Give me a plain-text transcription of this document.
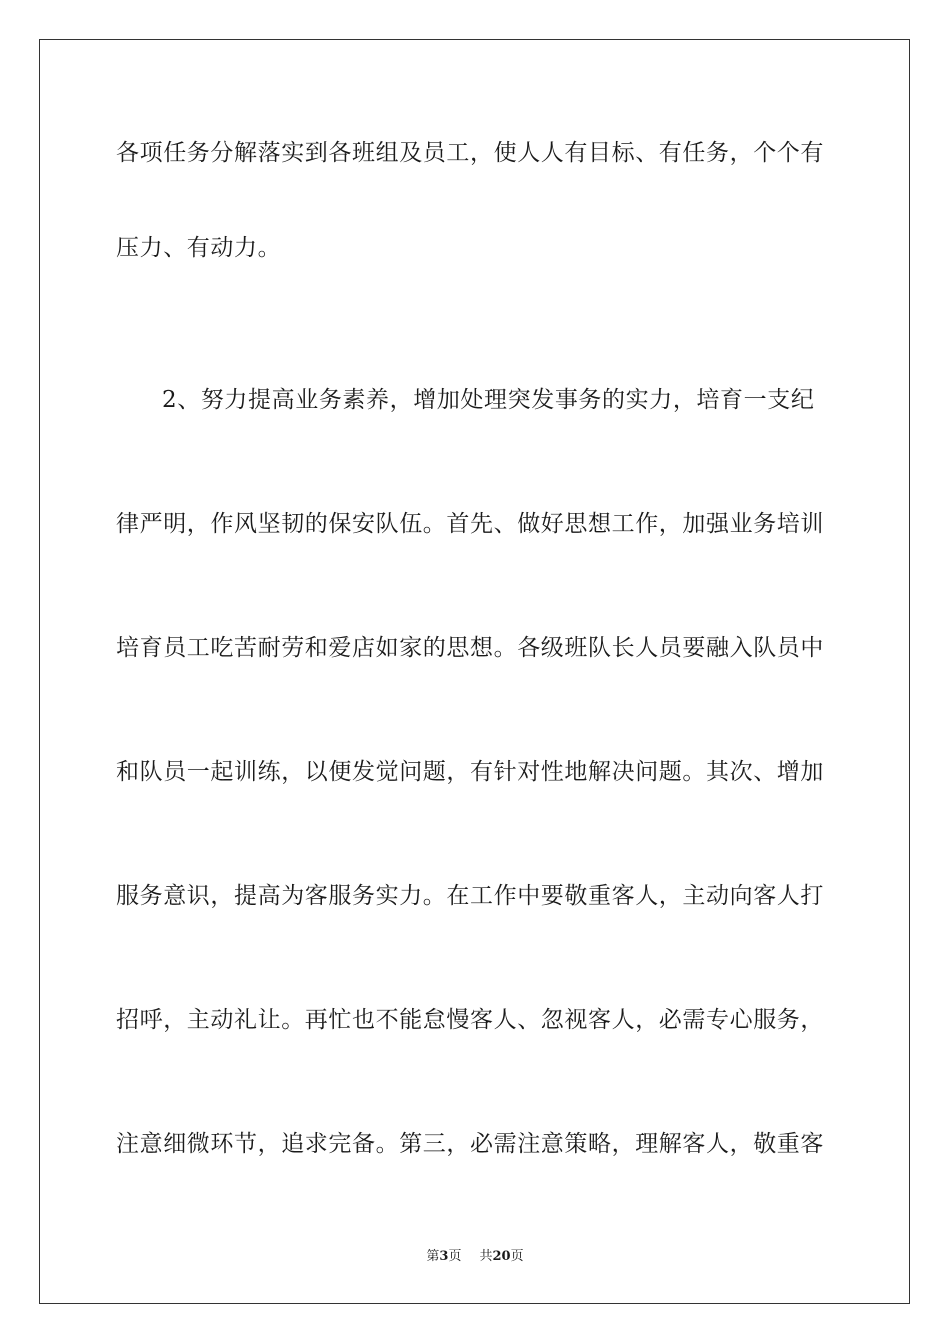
各项任务分解落实到各班组及员工，使人人有目标、有任务，个个有
压力、有动力。
2、努力提高业务素养，增加处理突发事务的实力，培育一支纪
律严明，作风坚韧的保安队伍。首先、做好思想工作，加强业务培训
培育员工吃苦耐劳和爱店如家的思想。各级班队长人员要融入队员中
和队员一起训练，以便发觉问题，有针对性地解决问题。其次、增加
服务意识，提高为客服务实力。在工作中要敬重客人，主动向客人打
招呼，主动礼让。再忙也不能怠慢客人、忽视客人，必需专心服务，
注意细微环节，追求完备。第三，必需注意策略，理解客人，敬重客
第3页 共20页
